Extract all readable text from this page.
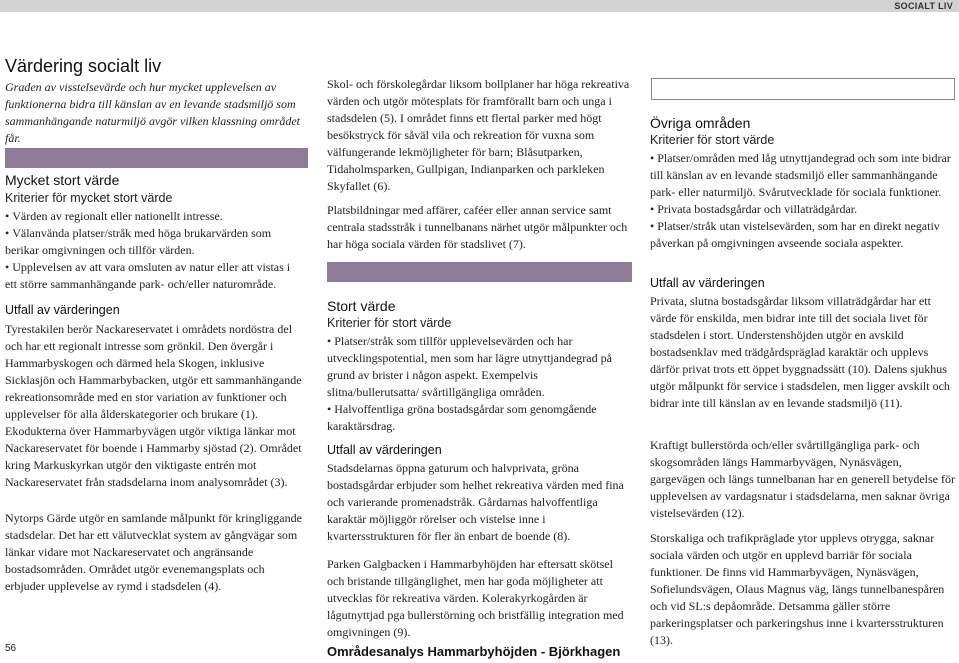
SOCIALT LIV
Värdering socialt liv
Graden av visstelsevärde och hur mycket upplevelsen av funktionerna bidra till känslan av en levande stadsmiljö som sammanhängande naturmiljö avgör vilken klassning området får.
Mycket stort värde
Kriterier för mycket stort värde
• Värden av regionalt eller nationellt intresse.
• Välanvända platser/stråk med höga brukarvärden som berikar omgivningen och tillför värden.
• Upplevelsen av att vara omsluten av natur eller att vistas i ett större sammanhängande park- och/eller naturområde.
Utfall av värderingen

Tyrestakilen berör Nackareservatet i områdets nordöstra del och har ett regionalt intresse som grönkil. Den övergår i Hammarbyskogen och därmed hela Skogen, inklusive Sicklasjön och Hammarbybacken, utgör ett sammanhängande rekreationsområde med en stor variation av funktioner och upplevelser för alla ålderskategorier och brukare (1). Ekodukterna över Hammarbyvägen utgör viktiga länkar mot Nackareservatet för boende i Hammarby sjöstad (2). Området kring Markuskyrkan utgör den viktigaste entrén mot Nackareservatet från stadsdelarna inom analysområdet (3).

Nytorps Gärde utgör en samlande målpunkt för kringliggande stadsdelar. Det har ett välutvecklat system av gångvägar som länkar vidare mot Nackareservatet och angränsande bostadsområden. Området utgör evenemangsplats och erbjuder upplevelse av rymd i stadsdelen (4).

Skol- och förskolegårdar liksom bollplaner har höga rekreativa värden och utgör mötesplats för framförallt barn och unga i stadsdelen (5). I området finns ett flertal parker med högt besökstryck för såväl vila och rekreation för vuxna som välfungerande lekmöjligheter för barn; Blåsutparken, Tidaholmsparken, Gullpigan, Indianparken och parkleken Skyfallet (6).

Platsbildningar med affärer, caféer eller annan service samt centrala stadsstråk i tunnelbanans närhet utgör målpunkter och har höga sociala värden för stadslivet (7).

Stort värde
Kriterier för stort värde
• Platser/stråk som tillför upplevelsevärden och har utvecklingspotential, men som har lägre utnyttjandegrad på grund av brister i någon aspekt. Exempelvis slitna/bullerutsatta/ svårtillgängliga områden.
• Halvoffentliga gröna bostadsgårdar som genomgående karaktärsdrag.
Utfall av värderingen

Stadsdelarnas öppna gaturum och halvprivata, gröna bostadsgårdar erbjuder som helhet rekreativa värden med fina och varierande promenadstråk. Gårdarnas halvoffentliga karaktär möjliggör rörelser och vistelse inne i kvartersstrukturen för fler än enbart de boende (8).

Parken Galgbacken i Hammarbyhöjden har eftersatt skötsel och bristande tillgänglighet, men har goda möjligheter att utvecklas för rekreativa värden. Kolerakyrkogården är lågutnyttjad pga bullerstörning och bristfällig integration med omgivningen (9).

Övriga områden
Kriterier för stort värde
• Platser/områden med låg utnyttjandegrad och som inte bidrar till känslan av en levande stadsmiljö eller sammanhängande park- eller naturmiljö. Svårutvecklade för sociala funktioner.
• Privata bostadsgårdar och villaträdgårdar.
• Platser/stråk utan vistelsevärden, som har en direkt negativ påverkan på omgivningen avseende sociala aspekter.
Utfall av värderingen

Privata, slutna bostadsgårdar liksom villaträdgårdar har ett värde för enskilda, men bidrar inte till det sociala livet för stadsdelen i stort. Understenshöjden utgör en avskild bostadsenklav med trädgårdspräglad karaktär och upplevs därför privat trots ett öppet byggnadssätt (10). Dalens sjukhus utgör målpunkt för service i stadsdelen, men ligger avskilt och bidrar inte till känslan av en levande stadsmiljö (11).

Kraftigt bullerstörda och/eller svårtillgängliga park- och skogsområden längs Hammarbyvägen, Nynäsvägen, gargevägen och längs tunnelbanan har en generell betydelse för upplevelsen av vardagsnatur i stadsdelarna, men saknar övriga vistelsevärden (12).

Storskaliga och trafikpräglade ytor upplevs otrygga, saknar sociala värden och utgör en upplevd barriär för sociala funktioner. De finns vid Hammarbyvägen, Nynäsvägen, Sofielundsvägen, Olaus Magnus väg, längs tunnelbanespåren och vid SL:s depåområde. Detsamma gäller större parkeringsplatser och parkeringshus inne i kvartersstrukturen (13).

56	Områdesanalys Hammarbyhöjden - Björkhagen
